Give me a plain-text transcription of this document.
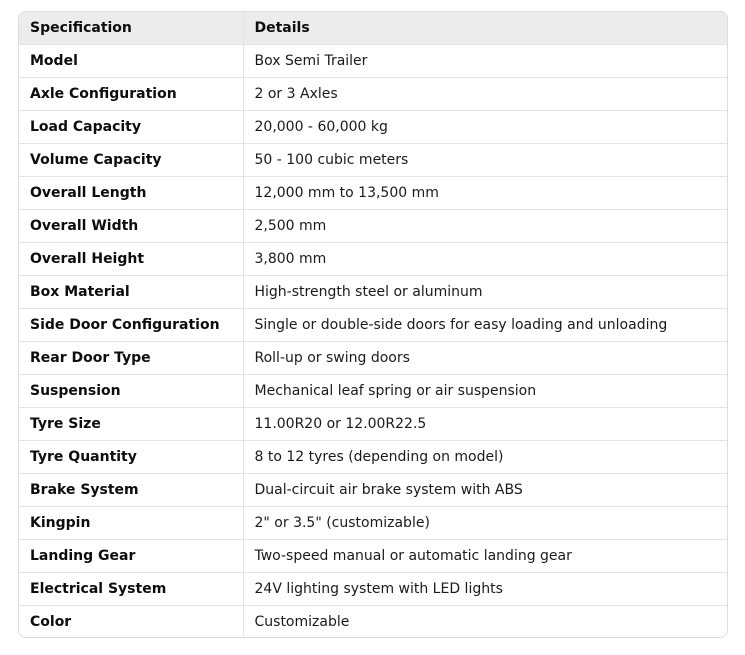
Specification	Details
Model	Box Semi Trailer
Axle Configuration	2 or 3 Axles
Load Capacity	20,000 - 60,000 kg
Volume Capacity	50 - 100 cubic meters
Overall Length	12,000 mm to 13,500 mm
Overall Width	2,500 mm
Overall Height	3,800 mm
Box Material	High-strength steel or aluminum
Side Door Configuration	Single or double-side doors for easy loading and unloading
Rear Door Type	Roll-up or swing doors
Suspension	Mechanical leaf spring or air suspension
Tyre Size	11.00R20 or 12.00R22.5
Tyre Quantity	8 to 12 tyres (depending on model)
Brake System	Dual-circuit air brake system with ABS
Kingpin	2" or 3.5" (customizable)
Landing Gear	Two-speed manual or automatic landing gear
Electrical System	24V lighting system with LED lights
Color	Customizable
